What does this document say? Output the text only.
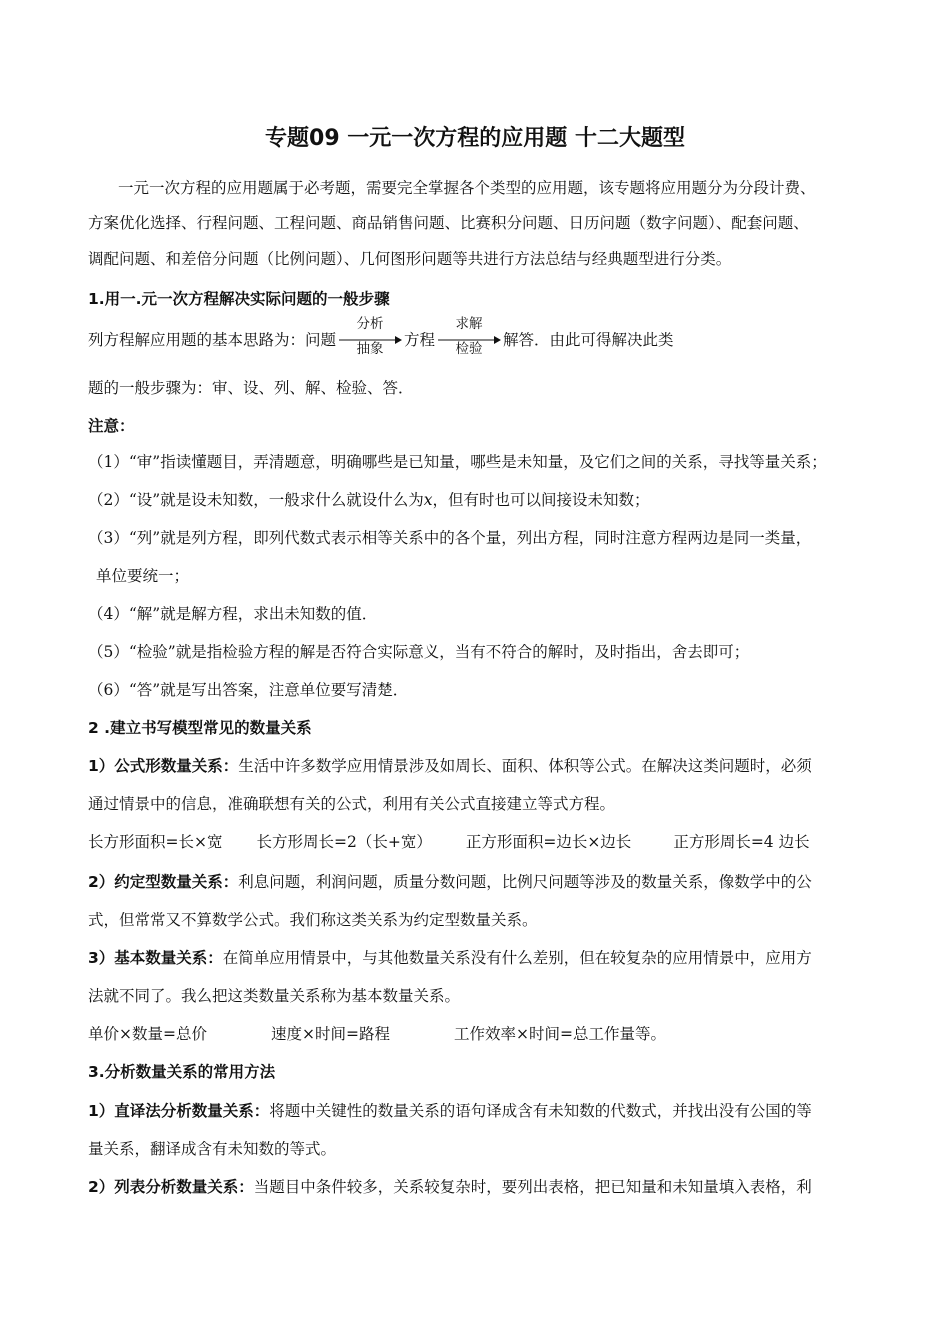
专题09 一元一次方程的应用题 十二大题型
一元一次方程的应用题属于必考题，需要完全掌握各个类型的应用题，该专题将应用题分为分段计费、
方案优化选择、行程问题、工程问题、商品销售问题、比赛积分问题、日历问题（数字问题）、配套问题、
调配问题、和差倍分问题（比例问题）、几何图形问题等共进行方法总结与经典题型进行分类。
1.用一.元一次方程解决实际问题的一般步骤
列方程解应用题的基本思路为：问题
分析
抽象	方程
求解
检验	解答．由此可得解决此类
题的一般步骤为：审、设、列、解、检验、答．
注意：
（1）“审”指读懂题目，弄清题意，明确哪些是已知量，哪些是未知量，及它们之间的关系，寻找等量关系；
（2）“设”就是设未知数，一般求什么就设什么为x，但有时也可以间接设未知数；
（3）“列”就是列方程，即列代数式表示相等关系中的各个量，列出方程，同时注意方程两边是同一类量，
单位要统一；
（4）“解”就是解方程，求出未知数的值．
（5）“检验”就是指检验方程的解是否符合实际意义，当有不符合的解时，及时指出，舍去即可；
（6）“答”就是写出答案，注意单位要写清楚．
2 .建立书写模型常见的数量关系
1）公式形数量关系：生活中许多数学应用情景涉及如周长、面积、体积等公式。在解决这类问题时，必须
通过情景中的信息，准确联想有关的公式，利用有关公式直接建立等式方程。
长方形面积=长×宽 长方形周长=2（长+宽） 正方形面积=边长×边长	正方形周长=4 边长
2）约定型数量关系：利息问题，利润问题，质量分数问题，比例尺问题等涉及的数量关系，像数学中的公
式，但常常又不算数学公式。我们称这类关系为约定型数量关系。
3）基本数量关系：在简单应用情景中，与其他数量关系没有什么差别，但在较复杂的应用情景中，应用方
法就不同了。我么把这类数量关系称为基本数量关系。
单价×数量=总价	速度×时间=路程	工作效率×时间=总工作量等。
3.分析数量关系的常用方法
1）直译法分析数量关系：将题中关键性的数量关系的语句译成含有未知数的代数式，并找出没有公国的等
量关系，翻译成含有未知数的等式。
2）列表分析数量关系：当题目中条件较多，关系较复杂时，要列出表格，把已知量和未知量填入表格，利
